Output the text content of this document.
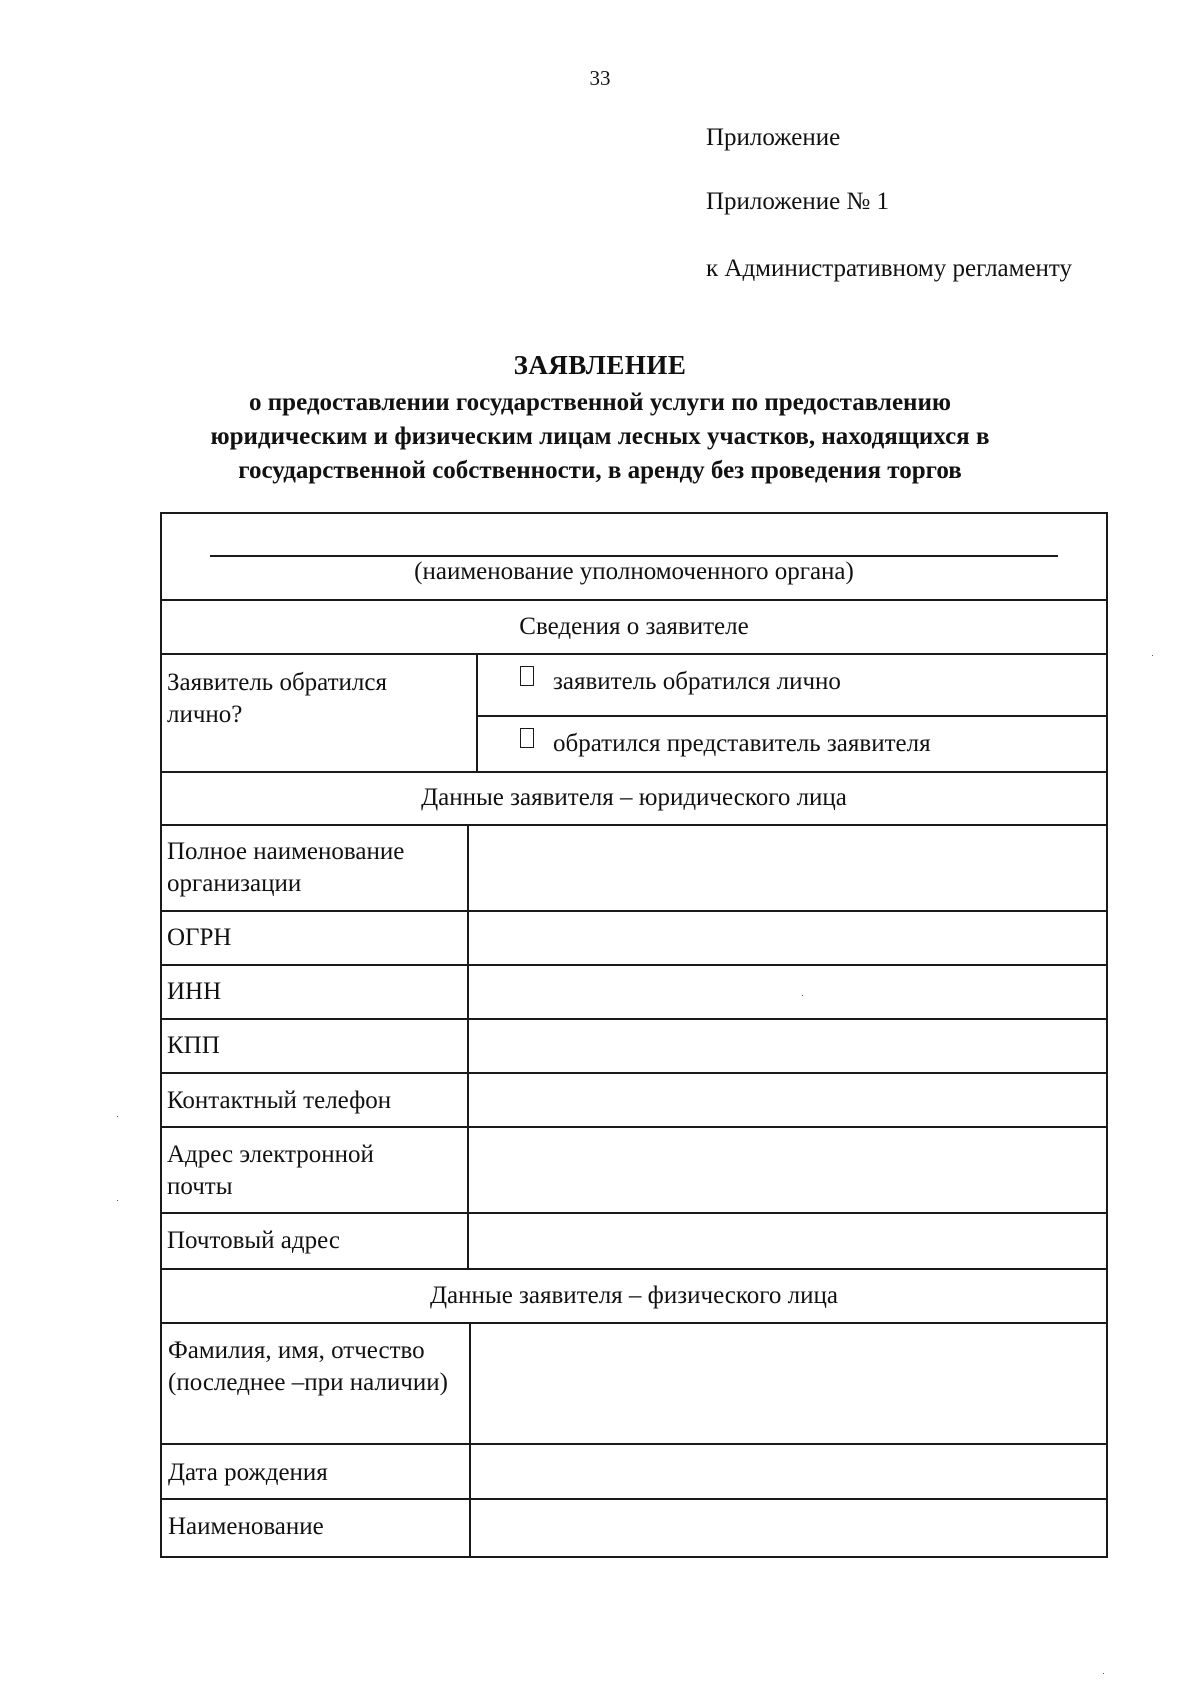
33
Приложение
Приложение № 1
к Административному регламенту
ЗАЯВЛЕНИЕ
о предоставлении государственной услуги по предоставлению юридическим и физическим лицам лесных участков, находящихся в государственной собственности, в аренду без проведения торгов
(наименование уполномоченного органа)
Сведения о заявителе
Заявитель обратился лично?
заявитель обратился лично
обратился представитель заявителя
Данные заявителя – юридического лица
Полное наименование организации
ОГРН
ИНН
КПП
Контактный телефон
Адрес электронной почты
Почтовый адрес
Данные заявителя – физического лица
Фамилия, имя, отчество (последнее –при наличии)
Дата рождения
Наименование
